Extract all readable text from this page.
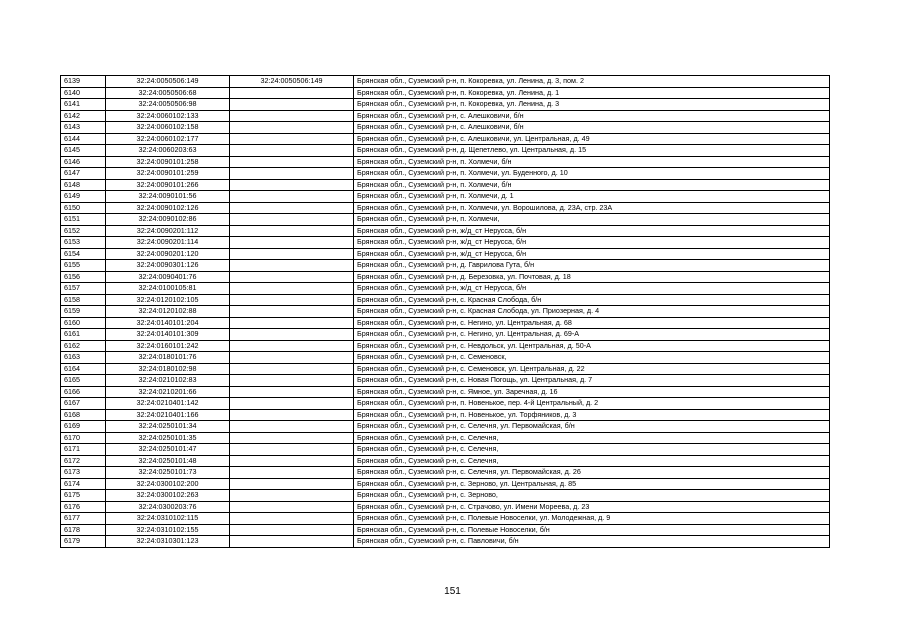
6139	32:24:0050506:149	32:24:0050506:149	Брянская обл., Суземский р-н, п. Кокоревка, ул. Ленина, д. 3, пом. 2
6140	32:24:0050506:68		Брянская обл., Суземский р-н, п. Кокоревка, ул. Ленина, д. 1
6141	32:24:0050506:98		Брянская обл., Суземский р-н, п. Кокоревка, ул. Ленина, д. 3
6142	32:24:0060102:133		Брянская обл., Суземский р-н, с. Алешковичи, б/н
6143	32:24:0060102:158		Брянская обл., Суземский р-н, с. Алешковичи, б/н
6144	32:24:0060102:177		Брянская обл., Суземский р-н, с. Алешковичи, ул. Центральная, д. 49
6145	32:24:0060203:63		Брянская обл., Суземский р-н, д. Щепетлево, ул. Центральная, д. 15
6146	32:24:0090101:258		Брянская обл., Суземский р-н, п. Холмечи, б/н
6147	32:24:0090101:259		Брянская обл., Суземский р-н, п. Холмечи, ул. Буденного, д. 10
6148	32:24:0090101:266		Брянская обл., Суземский р-н, п. Холмечи, б/н
6149	32:24:0090101:56		Брянская обл., Суземский р-н, п. Холмечи, д. 1
6150	32:24:0090102:126		Брянская обл., Суземский р-н, п. Холмечи, ул. Ворошилова, д. 23А, стр. 23А
6151	32:24:0090102:86		Брянская обл., Суземский р-н, п. Холмечи,
6152	32:24:0090201:112		Брянская обл., Суземский р-н, ж/д_ст Нерусса, б/н
6153	32:24:0090201:114		Брянская обл., Суземский р-н, ж/д_ст Нерусса, б/н
6154	32:24:0090201:120		Брянская обл., Суземский р-н, ж/д_ст Нерусса, б/н
6155	32:24:0090301:126		Брянская обл., Суземский р-н, д. Гаврилова Гута, б/н
6156	32:24:0090401:76		Брянская обл., Суземский р-н, д. Березовка, ул. Почтовая, д. 18
6157	32:24:0100105:81		Брянская обл., Суземский р-н, ж/д_ст Нерусса, б/н
6158	32:24:0120102:105		Брянская обл., Суземский р-н, с. Красная Слобода, б/н
6159	32:24:0120102:88		Брянская обл., Суземский р-н, с. Красная Слобода, ул. Приозерная, д. 4
6160	32:24:0140101:204		Брянская обл., Суземский р-н, с. Негино, ул. Центральная, д. 68
6161	32:24:0140101:309		Брянская обл., Суземский р-н, с. Негино, ул. Центральная, д. 69-А
6162	32:24:0160101:242		Брянская обл., Суземский р-н, с. Невдольск, ул. Центральная, д. 50-А
6163	32:24:0180101:76		Брянская обл., Суземский р-н, с. Семеновск,
6164	32:24:0180102:98		Брянская обл., Суземский р-н, с. Семеновск, ул. Центральная, д. 22
6165	32:24:0210102:83		Брянская обл., Суземский р-н, с. Новая Погощь, ул. Центральная, д. 7
6166	32:24:0210201:66		Брянская обл., Суземский р-н, с. Ямное, ул. Заречная, д. 16
6167	32:24:0210401:142		Брянская обл., Суземский р-н, п. Новенькое, пер. 4-й Центральный, д. 2
6168	32:24:0210401:166		Брянская обл., Суземский р-н, п. Новенькое, ул. Торфяников, д. 3
6169	32:24:0250101:34		Брянская обл., Суземский р-н, с. Селечня, ул. Первомайская, б/н
6170	32:24:0250101:35		Брянская обл., Суземский р-н, с. Селечня,
6171	32:24:0250101:47		Брянская обл., Суземский р-н, с. Селечня,
6172	32:24:0250101:48		Брянская обл., Суземский р-н, с. Селечня,
6173	32:24:0250101:73		Брянская обл., Суземский р-н, с. Селечня, ул. Первомайская, д. 26
6174	32:24:0300102:200		Брянская обл., Суземский р-н, с. Зерново, ул. Центральная, д. 85
6175	32:24:0300102:263		Брянская обл., Суземский р-н, с. Зерново,
6176	32:24:0300203:76		Брянская обл., Суземский р-н, с. Страчово, ул. Имени Мореева, д. 23
6177	32:24:0310102:115		Брянская обл., Суземский р-н, с. Полевые Новоселки, ул. Молодежная, д. 9
6178	32:24:0310102:155		Брянская обл., Суземский р-н, с. Полевые Новоселки, б/н
6179	32:24:0310301:123		Брянская обл., Суземский р-н, с. Павловичи, б/н
151
